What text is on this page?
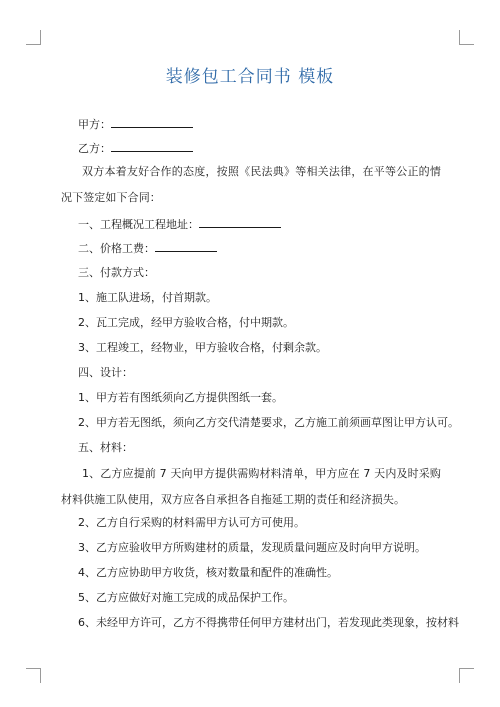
装修包工合同书 模板
甲方：
乙方：
双方本着友好合作的态度，按照《民法典》等相关法律，在平等公正的情况下签定如下合同：
一、工程概况工程地址：
二、价格工费：
三、付款方式：
1、施工队进场，付首期款。
2、瓦工完成，经甲方验收合格，付中期款。
3、工程竣工，经物业，甲方验收合格，付剩余款。
四、设计：
1、甲方若有图纸须向乙方提供图纸一套。
2、甲方若无图纸，须向乙方交代清楚要求，乙方施工前须画草图让甲方认可。
五、材料：
1、乙方应提前 7 天向甲方提供需购材料清单，甲方应在 7 天内及时采购材料供施工队使用，双方应各自承担各自拖延工期的责任和经济损失。
2、乙方自行采购的材料需甲方认可方可使用。
3、乙方应验收甲方所购建材的质量，发现质量问题应及时向甲方说明。
4、乙方应协助甲方收货，核对数量和配件的准确性。
5、乙方应做好对施工完成的成品保护工作。
6、未经甲方许可，乙方不得携带任何甲方建材出门，若发现此类现象，按材料
